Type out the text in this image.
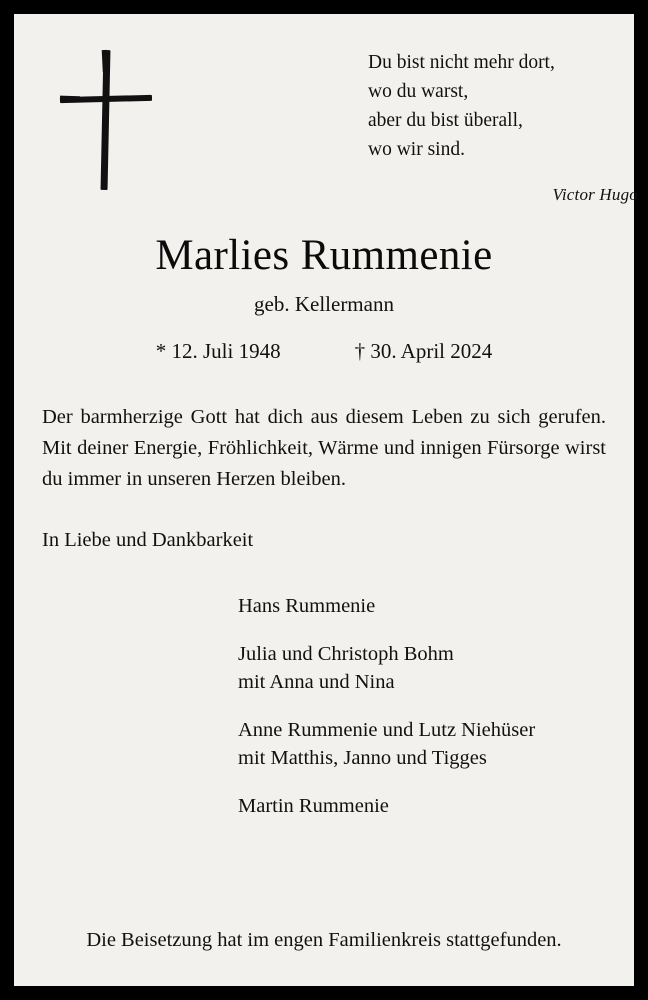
Du bist nicht mehr dort,
wo du warst,
aber du bist überall,
wo wir sind.
Victor Hugo
Marlies Rummenie
geb. Kellermann
* 12. Juli 1948	† 30. April 2024
Der barmherzige Gott hat dich aus diesem Leben zu sich gerufen. Mit deiner Energie, Fröhlichkeit, Wärme und innigen Fürsorge wirst du immer in unseren Herzen bleiben.
In Liebe und Dankbarkeit
Hans Rummenie
Julia und Christoph Bohm
mit Anna und Nina
Anne Rummenie und Lutz Niehüser
mit Matthis, Janno und Tigges
Martin Rummenie
Die Beisetzung hat im engen Familienkreis stattgefunden.
